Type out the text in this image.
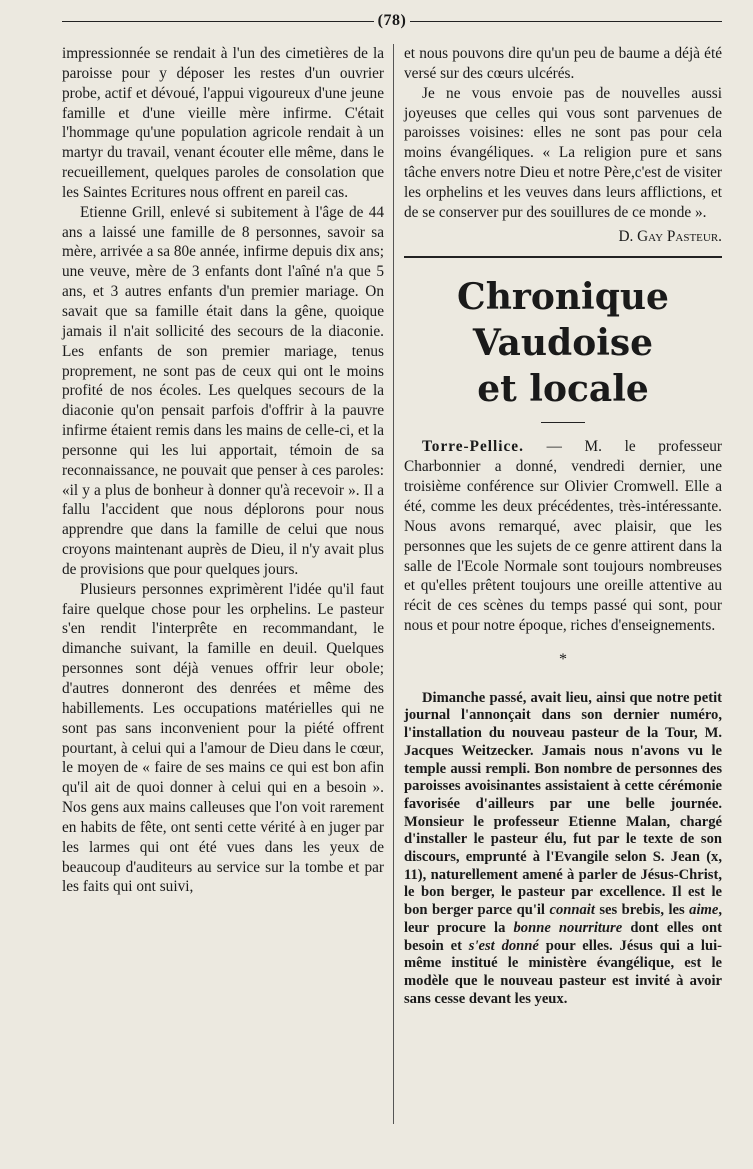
(78)

impressionnée se rendait à l'un des cimetières de la paroisse pour y déposer les restes d'un ouvrier probe, actif et dévoué, l'appui vigoureux d'une jeune famille et d'une vieille mère infirme. C'était l'hommage qu'une population agricole rendait à un martyr du travail, venant écouter elle même, dans le recueillement, quelques paroles de consolation que les Saintes Ecritures nous offrent en pareil cas.

Etienne Grill, enlevé si subitement à l'âge de 44 ans a laissé une famille de 8 personnes, savoir sa mère, arrivée a sa 80e année, infirme depuis dix ans; une veuve, mère de 3 enfants dont l'aîné n'a que 5 ans, et 3 autres enfants d'un premier mariage. On savait que sa famille était dans la gêne, quoique jamais il n'ait sollicité des secours de la diaconie. Les enfants de son premier mariage, tenus proprement, ne sont pas de ceux qui ont le moins profité de nos écoles. Les quelques secours de la diaconie qu'on pensait parfois d'offrir à la pauvre infirme étaient remis dans les mains de celle-ci, et la personne qui les lui apportait, témoin de sa reconnaissance, ne pouvait que penser à ces paroles: «il y a plus de bonheur à donner qu'à recevoir ». Il a fallu l'accident que nous déplorons pour nous apprendre que dans la famille de celui que nous croyons maintenant auprès de Dieu, il n'y avait plus de provisions que pour quelques jours.

Plusieurs personnes exprimèrent l'idée qu'il faut faire quelque chose pour les orphelins. Le pasteur s'en rendit l'interprête en recommandant, le dimanche suivant, la famille en deuil. Quelques personnes sont déjà venues offrir leur obole; d'autres donneront des denrées et même des habillements. Les occupations matérielles qui ne sont pas sans inconvenient pour la piété offrent pourtant, à celui qui a l'amour de Dieu dans le cœur, le moyen de « faire de ses mains ce qui est bon afin qu'il ait de quoi donner à celui qui en a besoin ». Nos gens aux mains calleuses que l'on voit rarement en habits de fête, ont senti cette vérité à en juger par les larmes qui ont été vues dans les yeux de beaucoup d'auditeurs au service sur la tombe et par les faits qui ont suivi,

et nous pouvons dire qu'un peu de baume a déjà été versé sur des cœurs ulcérés.

Je ne vous envoie pas de nouvelles aussi joyeuses que celles qui vous sont parvenues de paroisses voisines: elles ne sont pas pour cela moins évangéliques. « La religion pure et sans tâche envers notre Dieu et notre Père,c'est de visiter les orphelins et les veuves dans leurs afflictions, et de se conserver pur des souillures de ce monde ».

D. Gay Pasteur.

Chronique Vaudoise
et locale

Torre-Pellice. — M. le professeur Charbonnier a donné, vendredi dernier, une troisième conférence sur Olivier Cromwell. Elle a été, comme les deux précédentes, très-intéressante. Nous avons remarqué, avec plaisir, que les personnes que les sujets de ce genre attirent dans la salle de l'Ecole Normale sont toujours nombreuses et qu'elles prêtent toujours une oreille attentive au récit de ces scènes du temps passé qui sont, pour nous et pour notre époque, riches d'enseignements.

*

Dimanche passé, avait lieu, ainsi que notre petit journal l'annonçait dans son dernier numéro, l'installation du nouveau pasteur de la Tour, M. Jacques Weitzecker. Jamais nous n'avons vu le temple aussi rempli. Bon nombre de personnes des paroisses avoisinantes assistaient à cette cérémonie favorisée d'ailleurs par une belle journée. Monsieur le professeur Etienne Malan, chargé d'installer le pasteur élu, fut par le texte de son discours, emprunté à l'Evangile selon S. Jean (x, 11), naturellement amené à parler de Jésus-Christ, le bon berger, le pasteur par excellence. Il est le bon berger parce qu'il connait ses brebis, les aime, leur procure la bonne nourriture dont elles ont besoin et s'est donné pour elles. Jésus qui a lui-même institué le ministère évangélique, est le modèle que le nouveau pasteur est invité à avoir sans cesse devant les yeux.
